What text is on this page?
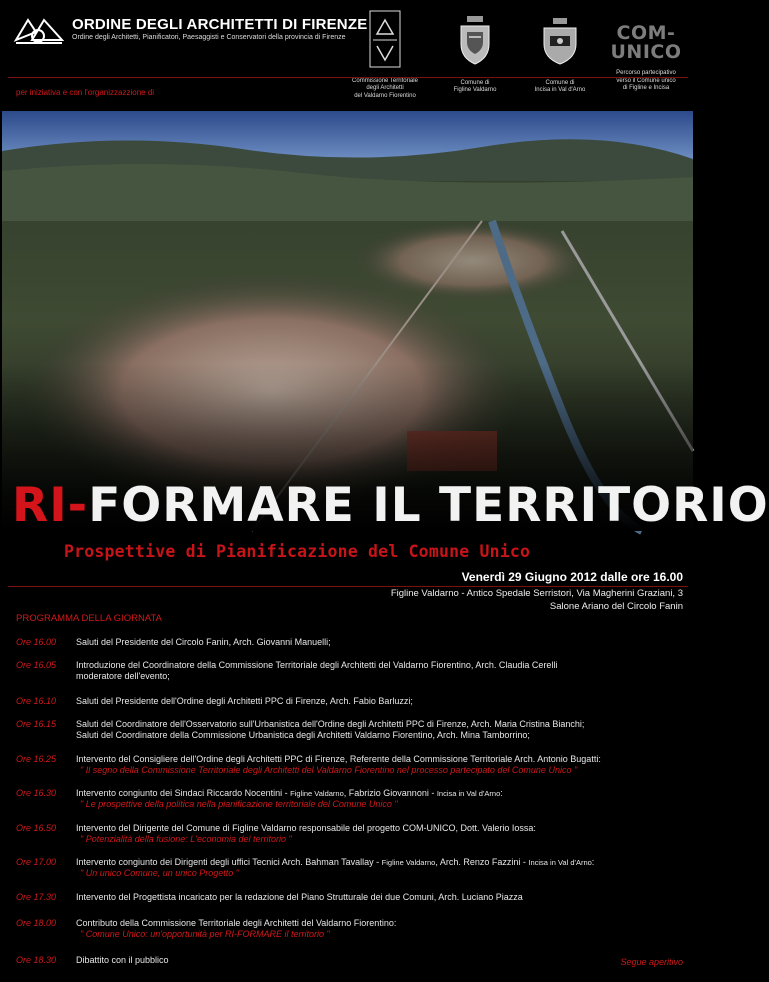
ORDINE DEGLI ARCHITETTI DI FIRENZE
Ordine degli Architetti, Pianificatori, Paesaggisti e Conservatori della provincia di Firenze
Commissione Territoriale
degli Architetti
del Valdarno Fiorentino
Comune di
Figline Valdarno
Comune di
Incisa in Val d'Arno
COM-
UNICO
Percorso partecipativo
verso il Comune unico
di Figline e Incisa
per iniziativa e con l'organizzazzione di
RI-FORMARE IL TERRITORIO
Prospettive di Pianificazione del Comune Unico
Venerdì 29 Giugno 2012 dalle ore 16.00
Figline Valdarno - Antico Spedale Serristori, Via Magherini Graziani, 3
Salone Ariano del Circolo Fanin
PROGRAMMA DELLA GIORNATA
Ore 16.00 Saluti del Presidente del Circolo Fanin, Arch. Giovanni Manuelli;
Ore 16.05 Introduzione del Coordinatore della Commissione Territoriale degli Architetti del Valdarno Fiorentino, Arch. Claudia Cerelli
moderatore dell'evento;
Ore 16.10 Saluti del Presidente dell'Ordine degli Architetti PPC di Firenze, Arch. Fabio Barluzzi;
Ore 16.15 Saluti del Coordinatore dell'Osservatorio sull'Urbanistica dell'Ordine degli Architetti PPC di Firenze, Arch. Maria Cristina Bianchi;
Saluti del Coordinatore della Commissione Urbanistica degli Architetti Valdarno Fiorentino, Arch. Mina Tamborrino;
Ore 16.25 Intervento del Consigliere dell'Ordine degli Architetti PPC di Firenze, Referente della Commissione Territoriale Arch. Antonio Bugatti:
" Il segno della Commissione Territoriale degli Architetti del Valdarno Fiorentino nel processo partecipato del Comune Unico "
Ore 16.30 Intervento congiunto dei Sindaci Riccardo Nocentini - Figline Valdarno, Fabrizio Giovannoni - Incisa in Val d'Arno:
" Le prospettive della politica nella pianificazione territoriale del Comune Unico "
Ore 16.50 Intervento del Dirigente del Comune di Figline Valdarno responsabile del progetto COM-UNICO, Dott. Valerio Iossa:
" Potenzialità della fusione: L'economia del territorio "
Ore 17.00 Intervento congiunto dei Dirigenti degli uffici Tecnici Arch. Bahman Tavallay - Figline Valdarno, Arch. Renzo Fazzini - Incisa in Val d'Arno:
" Un unico Comune, un unico Progetto "
Ore 17.30 Intervento del Progettista incaricato per la redazione del Piano Strutturale dei due Comuni, Arch. Luciano Piazza
Ore 18.00 Contributo della Commissione Territoriale degli Architetti del Valdarno Fiorentino:
" Comune Unico: un'opportunità per RI-FORMARE il territorio "
Ore 18.30 Dibattito con il pubblico	Segue aperitivo
